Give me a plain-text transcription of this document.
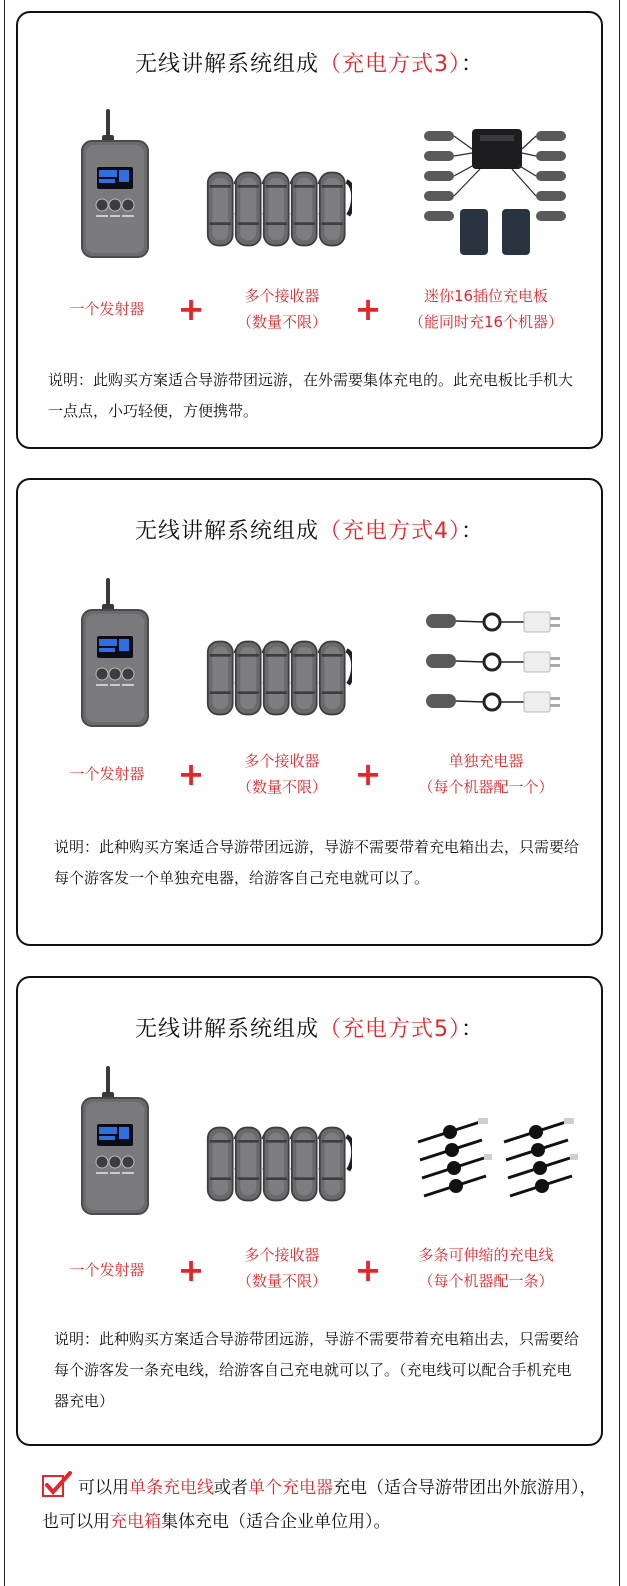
无线讲解系统组成（充电方式3）：
一个发射器	+	多个接收器
（数量不限） +	迷你16插位充电板
（能同时充16个机器）
说明：此购买方案适合导游带团远游，在外需要集体充电的。此充电板比手机大一点点，小巧轻便，方便携带。
无线讲解系统组成（充电方式4）：
一个发射器	+	多个接收器
（数量不限） +	单独充电器
（每个机器配一个）
说明：此种购买方案适合导游带团远游，导游不需要带着充电箱出去，只需要给每个游客发一个单独充电器，给游客自己充电就可以了。
无线讲解系统组成（充电方式5）：
一个发射器	+	多个接收器
（数量不限） +	多条可伸缩的充电线
（每个机器配一条）
说明：此种购买方案适合导游带团远游，导游不需要带着充电箱出去，只需要给每个游客发一条充电线，给游客自己充电就可以了。（充电线可以配合手机充电器充电）
可以用单条充电线或者单个充电器充电（适合导游带团出外旅游用），也可以用充电箱集体充电（适合企业单位用）。
